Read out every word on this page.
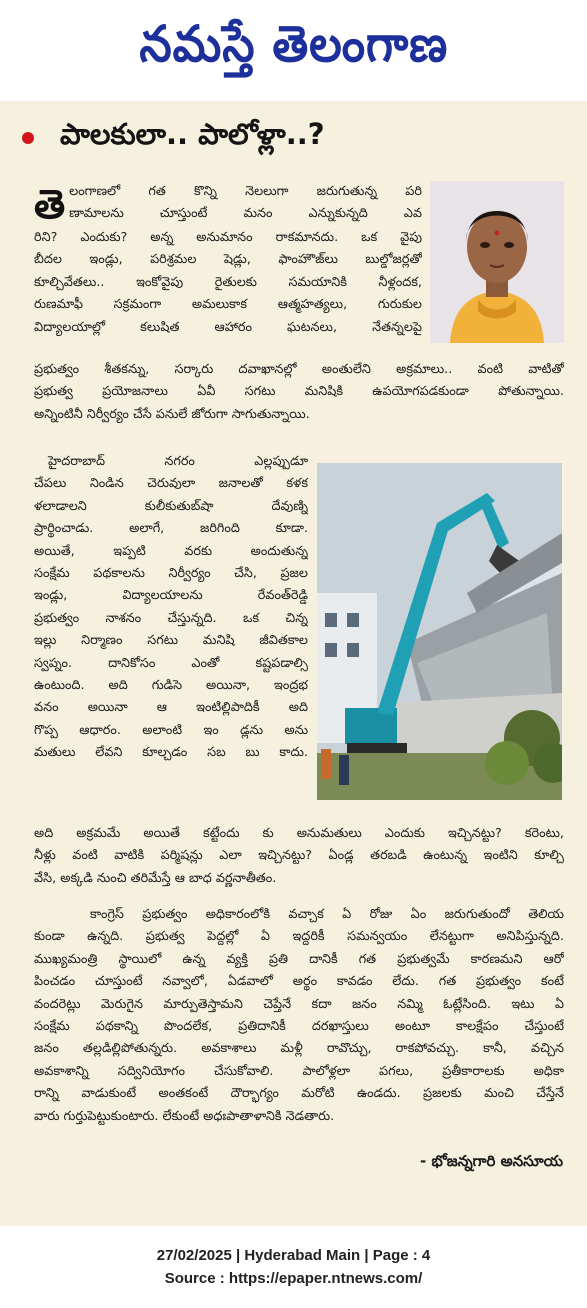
నమస్తే తెలంగాణ
పాలకులా.. పాలోళ్లా..?
తె లంగాణలో గత కొన్ని నెలలుగా జరుగుతున్న పరి
ణామాలను చూస్తుంటే మనం ఎన్నుకున్నది ఎవ
రిని? ఎందుకు? అన్న అనుమానం రాకమానదు. ఒక వైపు
బీదల ఇండ్లు, పరిశ్రమల షెడ్లు, ఫాంహౌజ్‌లు బుల్డోజర్లతో
కూల్చివేతలు.. ఇంకోవైపు రైతులకు సమయానికి నీళ్లందక,
రుణమాఫీ సక్రమంగా అమలుకాక ఆత్మహత్యలు, గురుకుల
విద్యాలయాల్లో కలుషిత ఆహారం ఘటనలు, నేతన్నలపై
ప్రభుత్వం శీతకన్ను, సర్కారు దవాఖానల్లో అంతులేని అక్రమాలు.. వంటి వాటితో
ప్రభుత్వ ప్రయోజనాలు ఏవీ సగటు మనిషికి ఉపయోగపడకుండా పోతున్నాయి.
అన్నింటినీ నిర్వీర్యం చేసే పనులే జోరుగా సాగుతున్నాయి.
హైదరాబాద్ నగరం ఎల్లప్పుడూ
చేపలు నిండిన చెరువులా జనాలతో కళక
ళలాడాలని కులీకుతుబ్‌షా దేవుణ్ని
ప్రార్థించాడు. అలాగే, జరిగింది కూడా.
అయితే, ఇప్పటి వరకు అందుతున్న
సంక్షేమ పథకాలను నిర్వీర్యం చేసి, ప్రజల
ఇండ్లు, విద్యాలయాలను రేవంత్‌రెడ్డి
ప్రభుత్వం నాశనం చేస్తున్నది. ఒక చిన్న
ఇల్లు నిర్మాణం సగటు మనిషి జీవితకాల
స్వప్నం. దానికోసం ఎంతో కష్టపడాల్సి
ఉంటుంది. అది గుడిసె అయినా, ఇంద్రభ
వనం అయినా ఆ ఇంటిల్లిపాదికీ అది
గొప్ప ఆధారం. అలాంటి ఇం డ్లను అను
మతులు లేవని కూల్చడం సబ బు కాదు.
అది అక్రమమే అయితే కట్టేందు కు అనుమతులు ఎందుకు ఇచ్చినట్టు? కరెంటు,
నీళ్లు వంటి వాటికి పర్మిషన్లు ఎలా ఇచ్చినట్టు? ఏండ్ల తరబడి ఉంటున్న ఇంటిని కూల్చి
వేసి, అక్కడి నుంచి తరిమేస్తే ఆ బాధ వర్ణనాతీతం.
కాంగ్రెస్ ప్రభుత్వం అధికారంలోకి వచ్చాక ఏ రోజు ఏం జరుగుతుందో తెలియ
కుండా ఉన్నది. ప్రభుత్వ పెద్దల్లో ఏ ఇద్దరికీ సమన్వయం లేనట్టుగా అనిపిస్తున్నది.
ముఖ్యమంత్రి స్థాయిలో ఉన్న వ్యక్తి ప్రతి దానికీ గత ప్రభుత్వమే కారణమని ఆరో
పించడం చూస్తుంటే నవ్వాలో, ఏడవాలో అర్థం కావడం లేదు. గత ప్రభుత్వం కంటే
వందరెట్లు మెరుగైన మార్పుతెస్తామని చెప్తేనే కదా జనం నమ్మి ఓట్లేసింది. ఇటు ఏ
సంక్షేమ పథకాన్ని పొందలేక, ప్రతిదానికీ దరఖాస్తులు అంటూ కాలక్షేపం చేస్తుంటే
జనం తల్లడిల్లిపోతున్నరు. అవకాశాలు మళ్లీ రావొచ్చు, రాకపోవచ్చు. కానీ, వచ్చిన
అవకాశాన్ని సద్వినియోగం చేసుకోవాలి. పాలోళ్లలా పగలు, ప్రతీకారాలకు అధికా
రాన్ని వాడుకుంటే అంతకంటే దౌర్భాగ్యం మరోటి ఉండదు. ప్రజలకు మంచి చేస్తేనే
వారు గుర్తుపెట్టుకుంటారు. లేకుంటే అధఃపాతాళానికి నెడతారు.
- భోజన్నగారి అనసూయ
27/02/2025 | Hyderabad Main | Page : 4
Source : https://epaper.ntnews.com/
